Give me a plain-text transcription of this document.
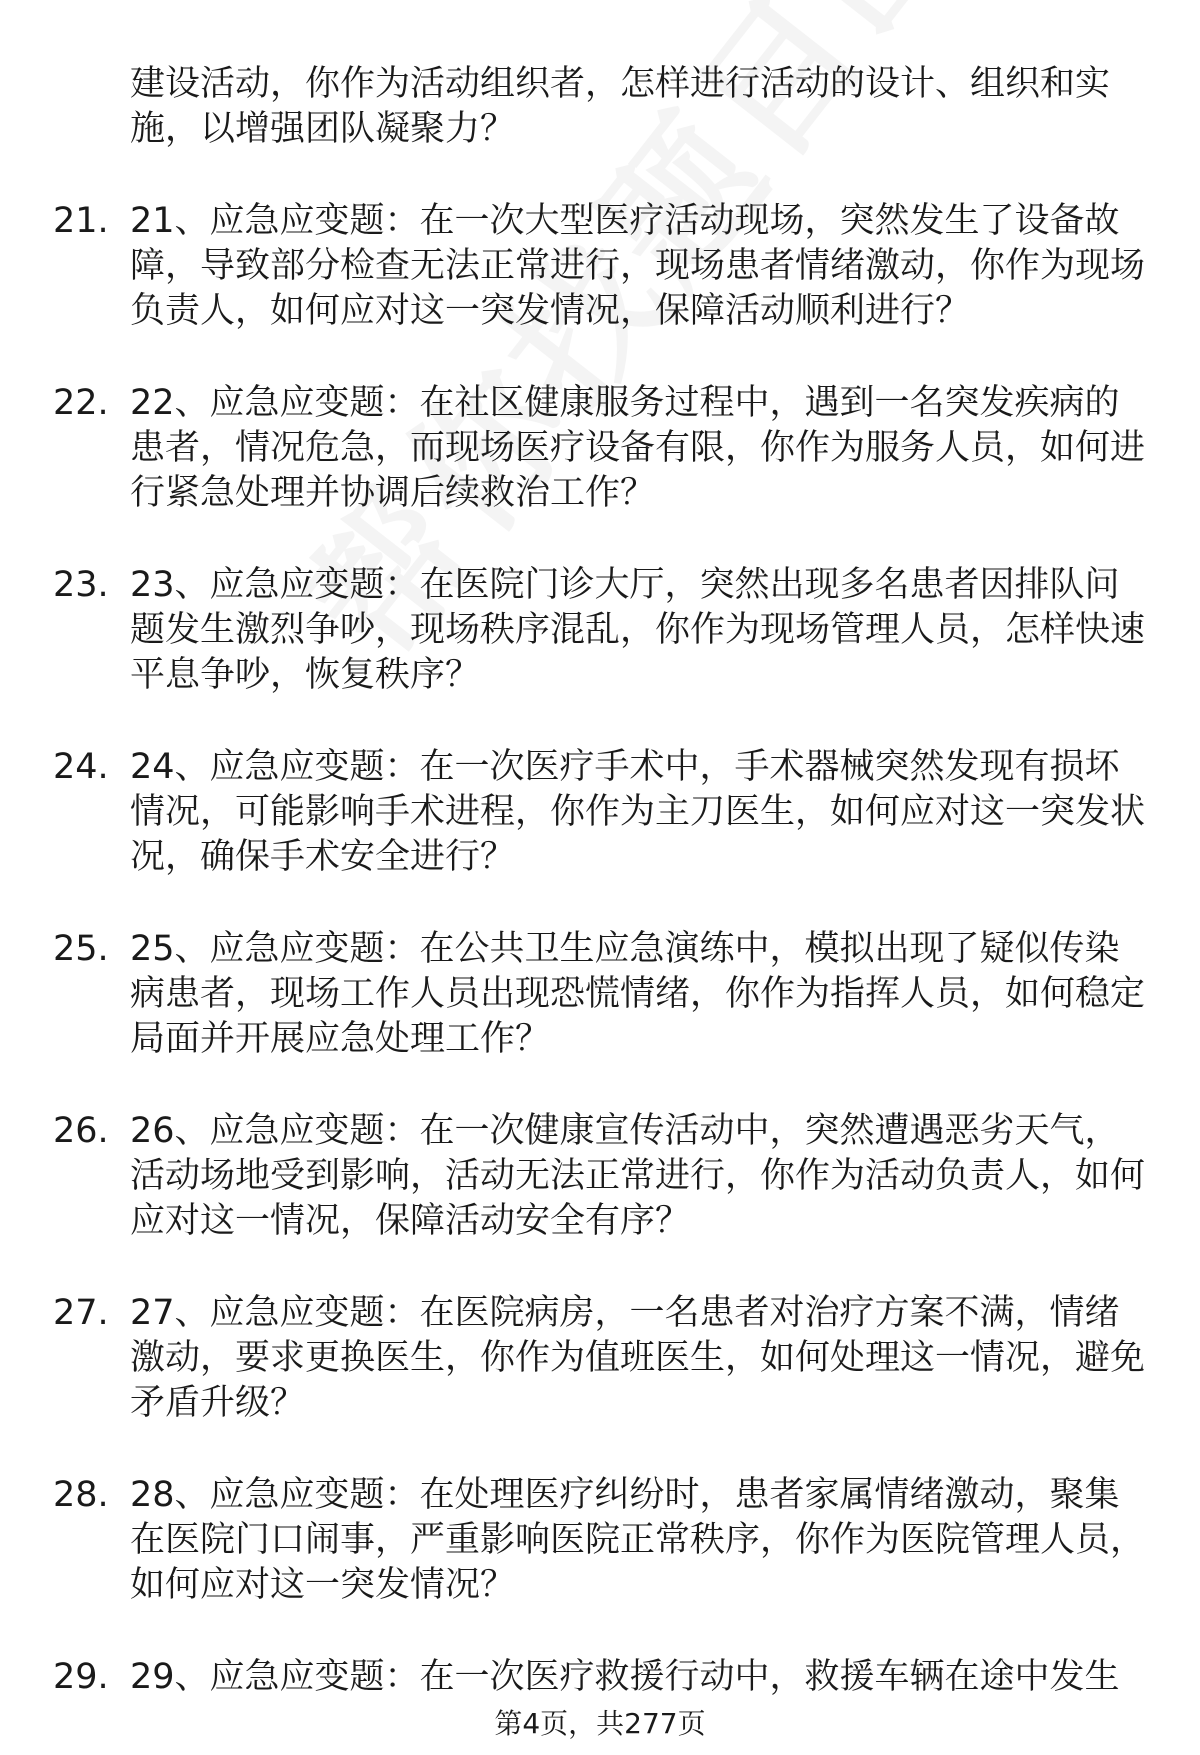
建设活动，你作为活动组织者，怎样进行活动的设计、组织和实施，以增强团队凝聚力？
21. 21、应急应变题：在一次大型医疗活动现场，突然发生了设备故障，导致部分检查无法正常进行，现场患者情绪激动，你作为现场负责人，如何应对这一突发情况，保障活动顺利进行？
22. 22、应急应变题：在社区健康服务过程中，遇到一名突发疾病的患者，情况危急，而现场医疗设备有限，你作为服务人员，如何进行紧急处理并协调后续救治工作？
23. 23、应急应变题：在医院门诊大厅，突然出现多名患者因排队问题发生激烈争吵，现场秩序混乱，你作为现场管理人员，怎样快速平息争吵，恢复秩序？
24. 24、应急应变题：在一次医疗手术中，手术器械突然发现有损坏情况，可能影响手术进程，你作为主刀医生，如何应对这一突发状况，确保手术安全进行？
25. 25、应急应变题：在公共卫生应急演练中，模拟出现了疑似传染病患者，现场工作人员出现恐慌情绪，你作为指挥人员，如何稳定局面并开展应急处理工作？
26. 26、应急应变题：在一次健康宣传活动中，突然遭遇恶劣天气，活动场地受到影响，活动无法正常进行，你作为活动负责人，如何应对这一情况，保障活动安全有序？
27. 27、应急应变题：在医院病房，一名患者对治疗方案不满，情绪激动，要求更换医生，你作为值班医生，如何处理这一情况，避免矛盾升级？
28. 28、应急应变题：在处理医疗纠纷时，患者家属情绪激动，聚集在医院门口闹事，严重影响医院正常秩序，你作为医院管理人员，如何应对这一突发情况？
29. 29、应急应变题：在一次医疗救援行动中，救援车辆在途中发生
第4页，共277页
